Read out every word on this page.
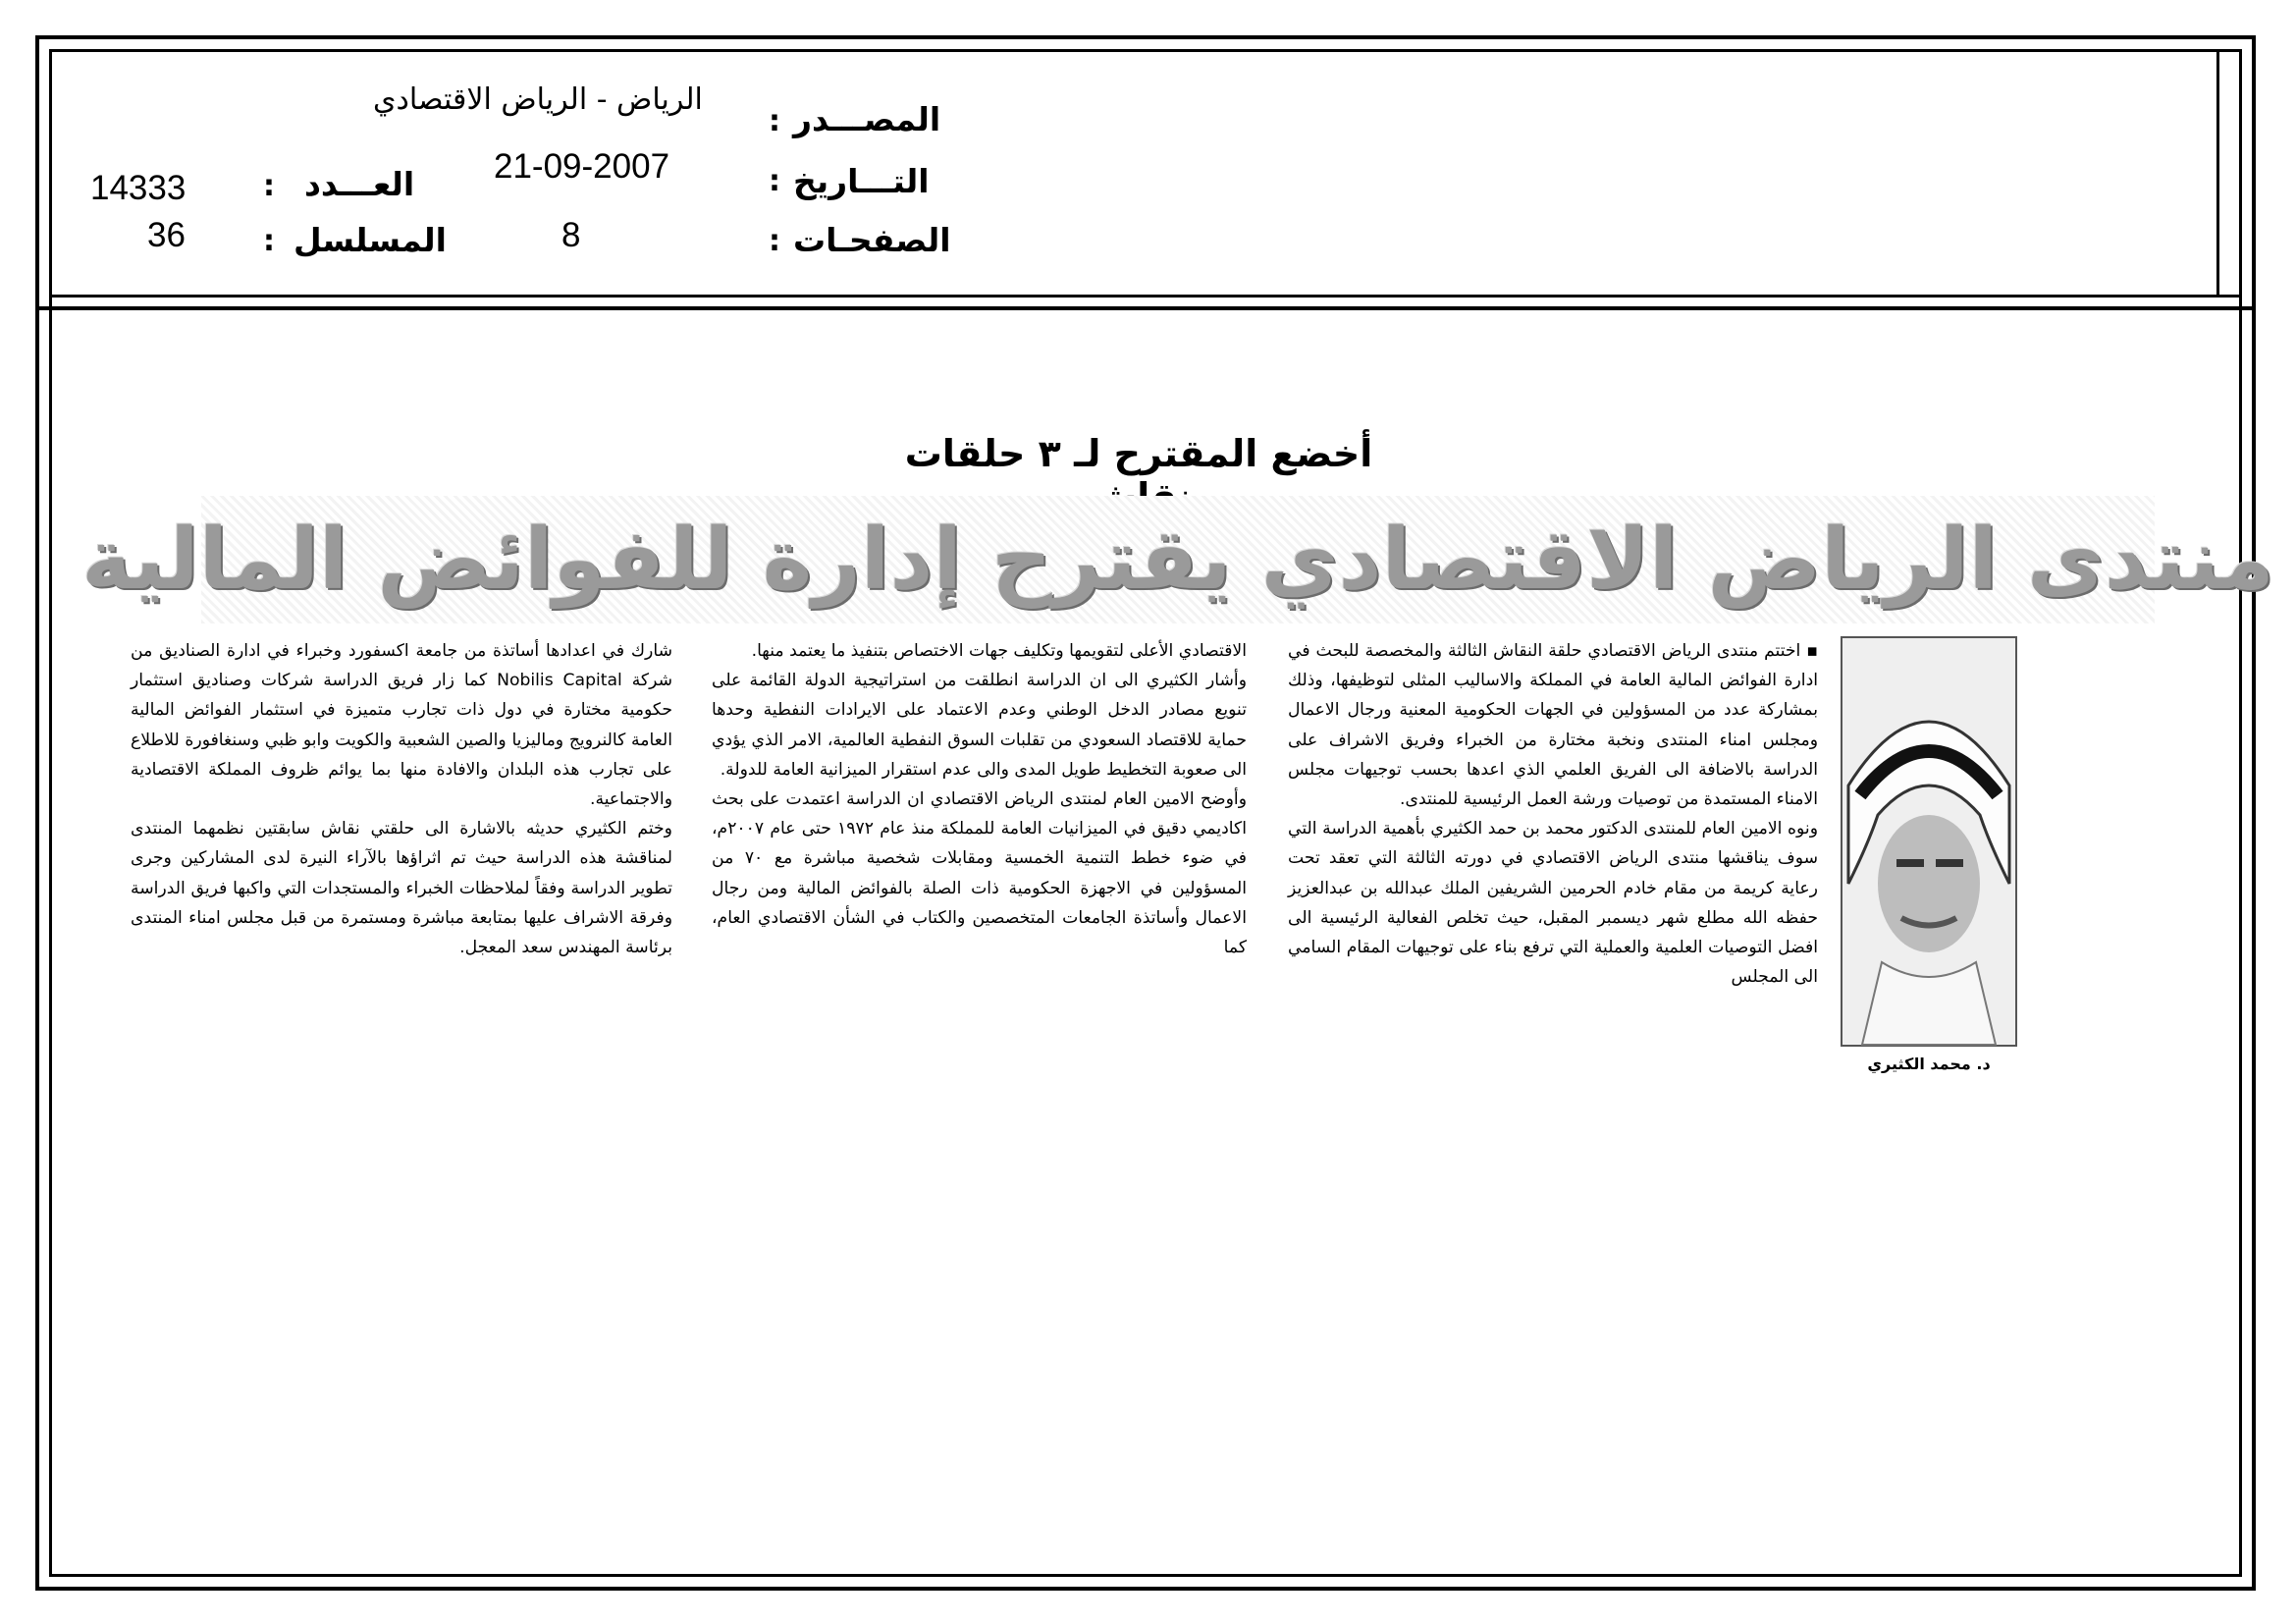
المصـــدر
:
الرياض - الرياض الاقتصادي
التـــاريخ
:
21-09-2007
الصفحـات
:
8
العـــدد
:
14333
المسلسل
:
36
أخضع المقترح لـ ٣ حلقات
منتدى الرياض الاقتصادي يقترح إدارة للفوائض المالية
د. محمد الكثيري

▪ اختتم منتدى الرياض الاقتصادي حلقة النقاش الثالثة والمخصصة للبحث في ادارة الفوائض المالية العامة في المملكة والاساليب المثلى لتوظيفها، وذلك بمشاركة عدد من المسؤولين في الجهات الحكومية المعنية ورجال الاعمال ومجلس امناء المنتدى ونخبة مختارة من الخبراء وفريق الاشراف على الدراسة بالاضافة الى الفريق العلمي الذي اعدها بحسب توجيهات مجلس الامناء المستمدة من توصيات ورشة العمل الرئيسية للمنتدى.

ونوه الامين العام للمنتدى الدكتور محمد بن حمد الكثيري بأهمية الدراسة التي سوف يناقشها منتدى الرياض الاقتصادي في دورته الثالثة التي تعقد تحت رعاية كريمة من مقام خادم الحرمين الشريفين الملك عبدالله بن عبدالعزيز حفظه الله مطلع شهر ديسمبر المقبل، حيث تخلص الفعالية الرئيسية الى افضل التوصيات العلمية والعملية التي ترفع بناء على توجيهات المقام السامي الى المجلس

الاقتصادي الأعلى لتقويمها وتكليف جهات الاختصاص بتنفيذ ما يعتمد منها.

وأشار الكثيري الى ان الدراسة انطلقت من استراتيجية الدولة القائمة على تنويع مصادر الدخل الوطني وعدم الاعتماد على الايرادات النفطية وحدها حماية للاقتصاد السعودي من تقلبات السوق النفطية العالمية، الامر الذي يؤدي الى صعوبة التخطيط طويل المدى والى عدم استقرار الميزانية العامة للدولة.

وأوضح الامين العام لمنتدى الرياض الاقتصادي ان الدراسة اعتمدت على بحث اكاديمي دقيق في الميزانيات العامة للمملكة منذ عام ١٩٧٢ حتى عام ٢٠٠٧م، في ضوء خطط التنمية الخمسية ومقابلات شخصية مباشرة مع ٧٠ من المسؤولين في الاجهزة الحكومية ذات الصلة بالفوائض المالية ومن رجال الاعمال وأساتذة الجامعات المتخصصين والكتاب في الشأن الاقتصادي العام، كما

شارك في اعدادها أساتذة من جامعة اكسفورد وخبراء في ادارة الصناديق من شركة Nobilis Capital كما زار فريق الدراسة شركات وصناديق استثمار حكومية مختارة في دول ذات تجارب متميزة في استثمار الفوائض المالية العامة كالنرويج وماليزيا والصين الشعبية والكويت وابو ظبي وسنغافورة للاطلاع على تجارب هذه البلدان والافادة منها بما يوائم ظروف المملكة الاقتصادية والاجتماعية.

وختم الكثيري حديثه بالاشارة الى حلقتي نقاش سابقتين نظمهما المنتدى لمناقشة هذه الدراسة حيث تم اثراؤها بالآراء النيرة لدى المشاركين وجرى تطوير الدراسة وفقاً لملاحظات الخبراء والمستجدات التي واكبها فريق الدراسة وفرقة الاشراف عليها بمتابعة مباشرة ومستمرة من قبل مجلس امناء المنتدى برئاسة المهندس سعد المعجل.
